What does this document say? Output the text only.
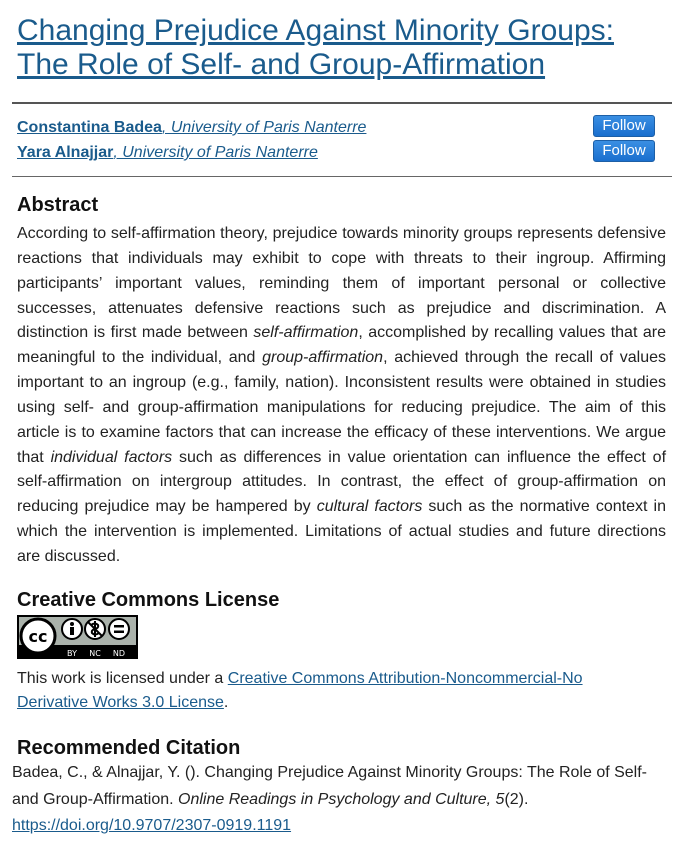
Changing Prejudice Against Minority Groups: The Role of Self- and Group-Affirmation
Constantina Badea, University of Paris Nanterre	Follow
Yara Alnajjar, University of Paris Nanterre	Follow
Abstract

According to self-affirmation theory, prejudice towards minority groups represents defensive reactions that individuals may exhibit to cope with threats to their ingroup. Affirming participants’ important values, reminding them of important personal or collective successes, attenuates defensive reactions such as prejudice and discrimination. A distinction is first made between self-affirmation, accomplished by recalling values that are meaningful to the individual, and group-affirmation, achieved through the recall of values important to an ingroup (e.g., family, nation). Inconsistent results were obtained in studies using self- and group-affirmation manipulations for reducing prejudice. The aim of this article is to examine factors that can increase the efficacy of these interventions. We argue that individual factors such as differences in value orientation can influence the effect of self-affirmation on intergroup attitudes. In contrast, the effect of group-affirmation on reducing prejudice may be hampered by cultural factors such as the normative context in which the intervention is implemented. Limitations of actual studies and future directions are discussed.

Creative Commons License
cc
BY NC ND

This work is licensed under a Creative Commons Attribution-Noncommercial-No Derivative Works 3.0 License.

Recommended Citation

Badea, C., & Alnajjar, Y. (). Changing Prejudice Against Minority Groups: The Role of Self- and Group-Affirmation. Online Readings in Psychology and Culture, 5(2).
https://doi.org/10.9707/2307-0919.1191
